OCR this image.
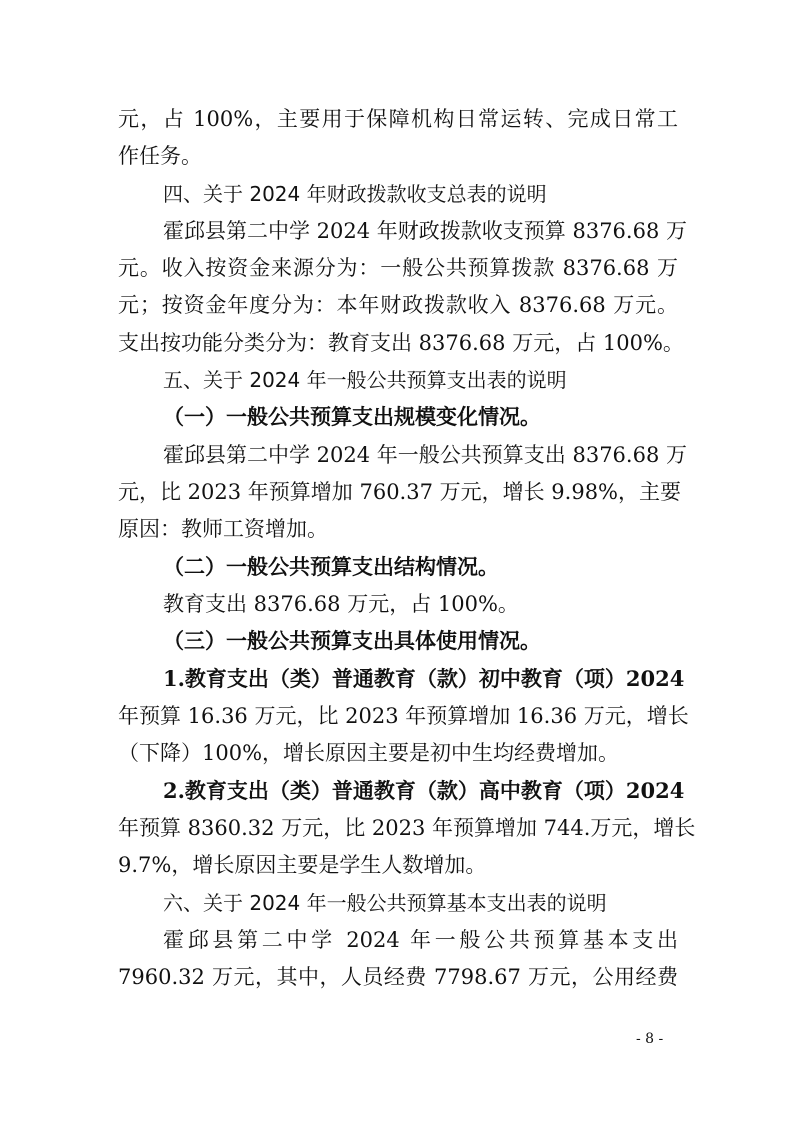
元，占 100%，主要用于保障机构日常运转、完成日常工
作任务。
四、关于 2024 年财政拨款收支总表的说明
霍邱县第二中学 2024 年财政拨款收支预算 8376.68 万
元。收入按资金来源分为：一般公共预算拨款 8376.68 万
元；按资金年度分为：本年财政拨款收入 8376.68 万元。
支出按功能分类分为：教育支出 8376.68 万元，占 100%。
五、关于 2024 年一般公共预算支出表的说明
（一）一般公共预算支出规模变化情况。
霍邱县第二中学 2024 年一般公共预算支出 8376.68 万
元，比 2023 年预算增加 760.37 万元，增长 9.98%，主要
原因：教师工资增加。
（二）一般公共预算支出结构情况。
教育支出 8376.68 万元，占 100%。
（三）一般公共预算支出具体使用情况。
1.教育支出（类）普通教育（款）初中教育（项）2024
年预算 16.36 万元，比 2023 年预算增加 16.36 万元，增长
（下降）100%，增长原因主要是初中生均经费增加。
2.教育支出（类）普通教育（款）高中教育（项）2024
年预算 8360.32 万元，比 2023 年预算增加 744.万元，增长
9.7%，增长原因主要是学生人数增加。
六、关于 2024 年一般公共预算基本支出表的说明
霍邱县第二中学 2024 年一般公共预算基本支出
7960.32 万元，其中，人员经费 7798.67 万元，公用经费
- 8 -
